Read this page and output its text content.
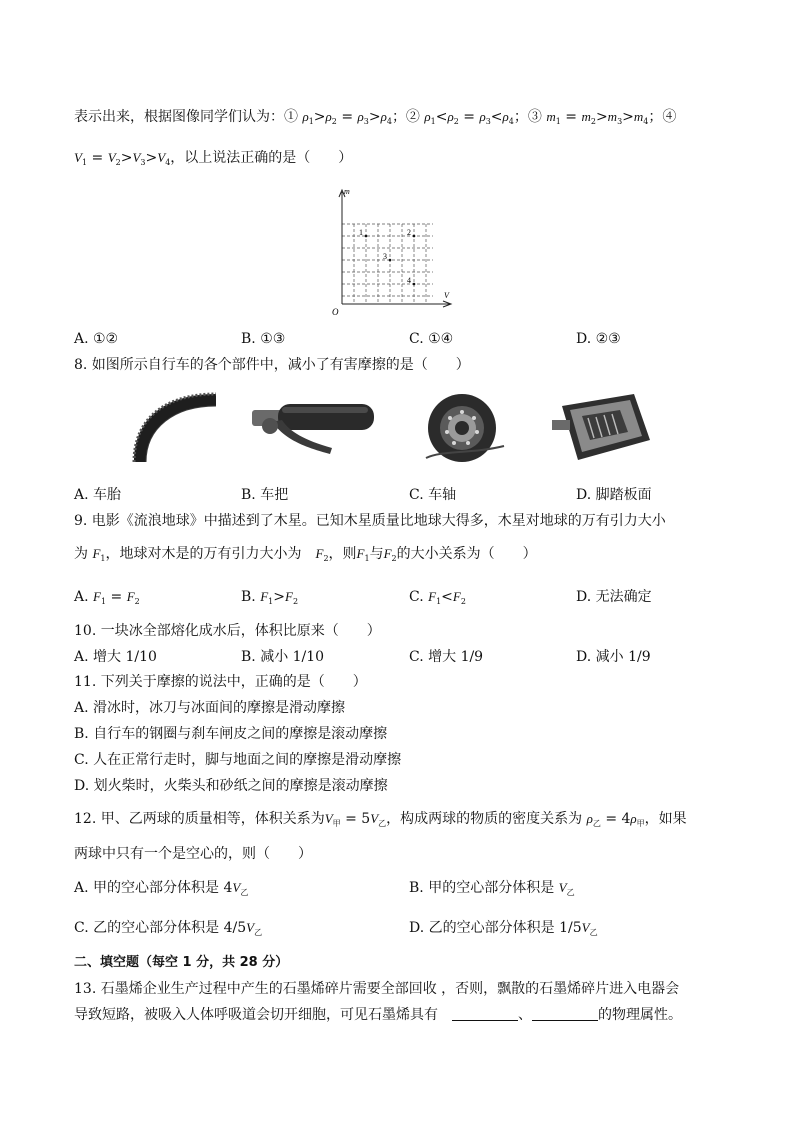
表示出来，根据图像同学们认为：① $\rho_1>\rho_2 = \rho_3>\rho_4$；② $\rho_1<\rho_2 = \rho_3<\rho_4$；③ $m_1 = m_2>m_3>m_4$；④
$V_1 = V_2>V_3>V_4$，以上说法正确的是（　　）
m
V
O
1	2
3
4
A. ①②	B. ①③	C. ①④	D. ②③
8. 如图所示自行车的各个部件中，减小了有害摩擦的是（　　）
A. 车胎	B. 车把	C. 车轴	D. 脚踏板面
9. 电影《流浪地球》中描述到了木星。已知木星质量比地球大得多，木星对地球的万有引力大小
为 $F_1$，地球对木是的万有引力大小为　 $F_2$，则$F_1$与$F_2$的大小关系为（　　）
A. $F_1 = F_2$	B. $F_1>F_2$	C. $F_1<F_2$	D. 无法确定
10. 一块冰全部熔化成水后，体积比原来（　　）
A. 增大 1/10	B. 减小 1/10	C. 增大 1/9	D. 减小 1/9
11. 下列关于摩擦的说法中，正确的是（　　）
A. 滑冰时，冰刀与冰面间的摩擦是滑动摩擦
B. 自行车的钢圈与刹车闸皮之间的摩擦是滚动摩擦
C. 人在正常行走时，脚与地面之间的摩擦是滑动摩擦
D. 划火柴时，火柴头和砂纸之间的摩擦是滚动摩擦
12. 甲、乙两球的质量相等，体积关系为$V_甲 = 5V_乙$，构成两球的物质的密度关系为 $\rho_乙 = 4\rho_甲$，如果
两球中只有一个是空心的，则（　　）
A. 甲的空心部分体积是 $4V_乙$	B. 甲的空心部分体积是 $V_乙$
C. 乙的空心部分体积是 $4/5V_乙$	D. 乙的空心部分体积是 $1/5V_乙$
二、填空题（每空 1 分，共 28 分）
13. 石墨烯企业生产过程中产生的石墨烯碎片需要全部回收 ，否则，飘散的石墨烯碎片进入电器会
导致短路，被吸入人体呼吸道会切开细胞，可见石墨烯具有　	、	的物理属性。
